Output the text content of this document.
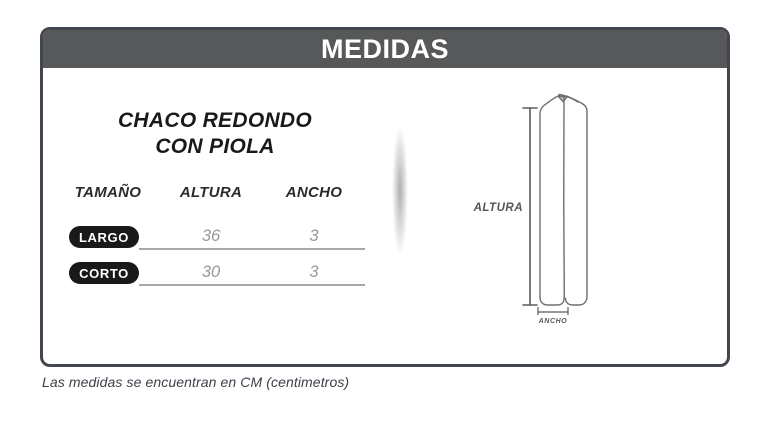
MEDIDAS
CHACO REDONDO
CON PIOLA
TAMAÑO	ALTURA	ANCHO
LARGO	36	3
CORTO	30	3
ALTURA
ANCHO
Las medidas se encuentran en CM (centimetros)
